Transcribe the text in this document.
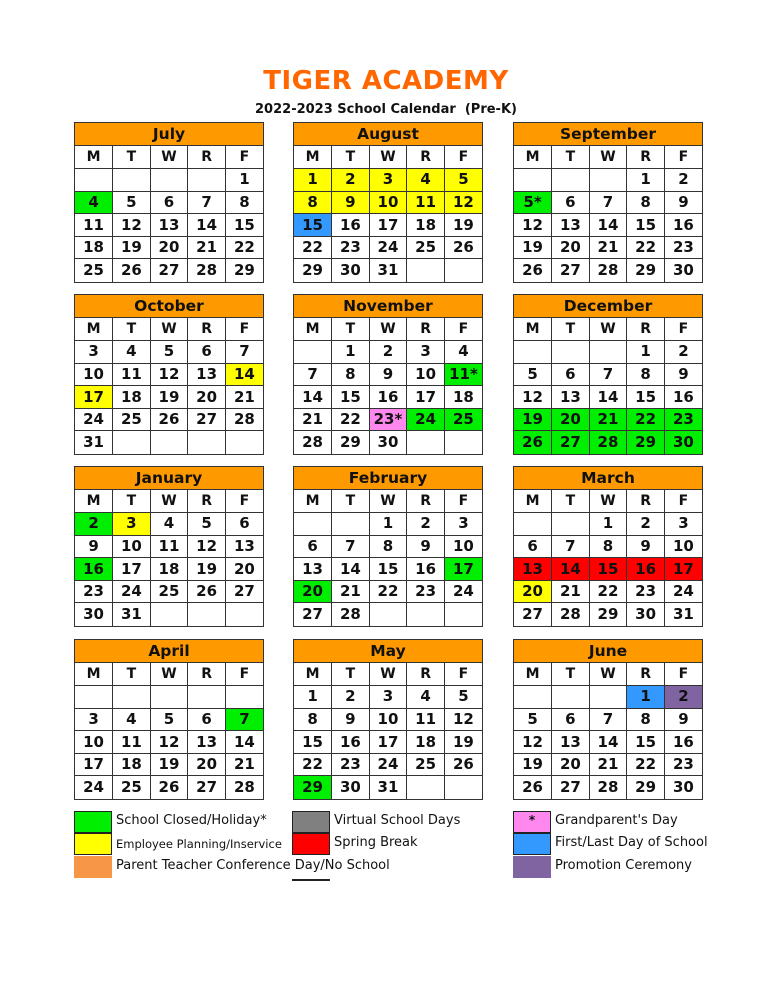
TIGER ACADEMY
2022-2023 School Calendar  (Pre-K)
July
M	T	W	R	F
				1
4	5	6	7	8
11	12	13	14	15
18	19	20	21	22
25	26	27	28	29
August
M	T	W	R	F
1	2	3	4	5
8	9	10	11	12
15	16	17	18	19
22	23	24	25	26
29	30	31		
September
M	T	W	R	F
			1	2
5*	6	7	8	9
12	13	14	15	16
19	20	21	22	23
26	27	28	29	30
October
M	T	W	R	F
3	4	5	6	7
10	11	12	13	14
17	18	19	20	21
24	25	26	27	28
31				
November
M	T	W	R	F
	1	2	3	4
7	8	9	10	11*
14	15	16	17	18
21	22	23*	24	25
28	29	30		
December
M	T	W	R	F
			1	2
5	6	7	8	9
12	13	14	15	16
19	20	21	22	23
26	27	28	29	30
January
M	T	W	R	F
2	3	4	5	6
9	10	11	12	13
16	17	18	19	20
23	24	25	26	27
30	31			
February
M	T	W	R	F
		1	2	3
6	7	8	9	10
13	14	15	16	17
20	21	22	23	24
27	28			
March
M	T	W	R	F
		1	2	3
6	7	8	9	10
13	14	15	16	17
20	21	22	23	24
27	28	29	30	31
April
M	T	W	R	F

3	4	5	6	7
10	11	12	13	14
17	18	19	20	21
24	25	26	27	28
May
M	T	W	R	F
1	2	3	4	5
8	9	10	11	12
15	16	17	18	19
22	23	24	25	26
29	30	31		
June
M	T	W	R	F
			1	2
5	6	7	8	9
12	13	14	15	16
19	20	21	22	23
26	27	28	29	30
School Closed/Holiday*
Employee Planning/Inservice
Parent Teacher Conference Day/No School
Virtual School Days
Spring Break
*	Grandparent's Day
First/Last Day of School
Promotion Ceremony
